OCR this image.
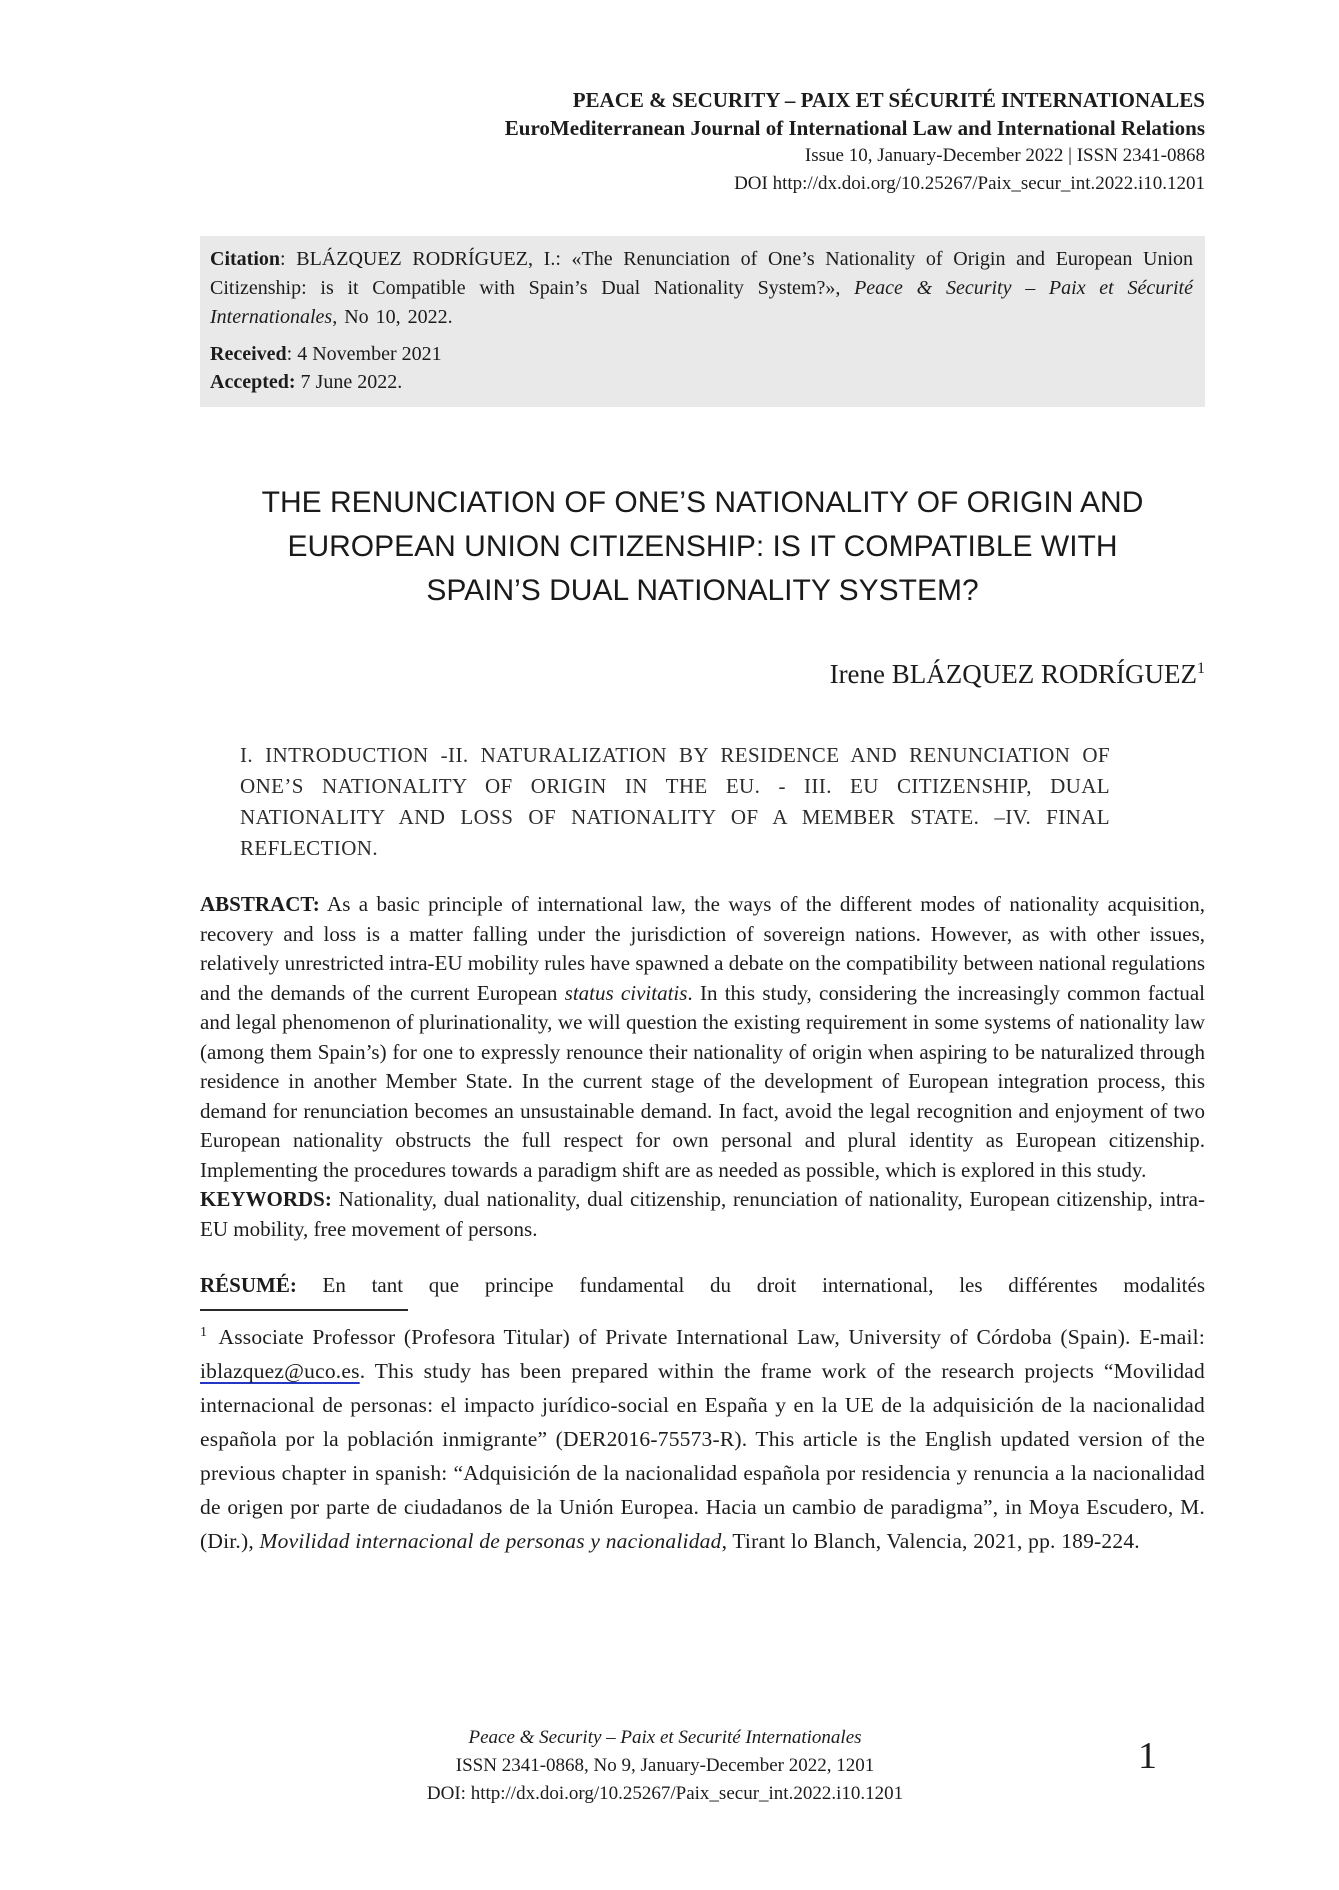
PEACE & SECURITY – PAIX ET SÉCURITÉ INTERNATIONALES
EuroMediterranean Journal of International Law and International Relations
Issue 10, January-December 2022 | ISSN 2341-0868
DOI http://dx.doi.org/10.25267/Paix_secur_int.2022.i10.1201

Citation: BLÁZQUEZ RODRÍGUEZ, I.: «The Renunciation of One’s Nationality of Origin and European Union Citizenship: is it Compatible with Spain’s Dual Nationality System?», Peace & Security – Paix et Sécurité Internationales, No 10, 2022.

Received: 4 November 2021

Accepted: 7 June 2022.

THE RENUNCIATION OF ONE’S NATIONALITY OF ORIGIN AND
EUROPEAN UNION CITIZENSHIP: IS IT COMPATIBLE WITH
SPAIN’S DUAL NATIONALITY SYSTEM?
Irene BLÁZQUEZ RODRÍGUEZ$^1$

I. INTRODUCTION -II. NATURALIZATION BY RESIDENCE AND RENUNCIATION OF ONE’S NATIONALITY OF ORIGIN IN THE EU. - III. EU CITIZENSHIP, DUAL NATIONALITY AND LOSS OF NATIONALITY OF A MEMBER STATE. –IV. FINAL REFLECTION.

ABSTRACT: As a basic principle of international law, the ways of the different modes of nationality acquisition, recovery and loss is a matter falling under the jurisdiction of sovereign nations. However, as with other issues, relatively unrestricted intra-EU mobility rules have spawned a debate on the compatibility between national regulations and the demands of the current European status civitatis. In this study, considering the increasingly common factual and legal phenomenon of plurinationality, we will question the existing requirement in some systems of nationality law (among them Spain’s) for one to expressly renounce their nationality of origin when aspiring to be naturalized through residence in another Member State. In the current stage of the development of European integration process, this demand for renunciation becomes an unsustainable demand. In fact, avoid the legal recognition and enjoyment of two European nationality obstructs the full respect for own personal and plural identity as European citizenship. Implementing the procedures towards a paradigm shift are as needed as possible, which is explored in this study.

KEYWORDS: Nationality, dual nationality, dual citizenship, renunciation of nationality, European citizenship, intra-EU mobility, free movement of persons.

RÉSUMÉ: En tant que principe fundamental du droit international, les différentes modalités

$^1$ Associate Professor (Profesora Titular) of Private International Law, University of Córdoba (Spain). E-mail: iblazquez@uco.es. This study has been prepared within the frame work of the research projects “Movilidad internacional de personas: el impacto jurídico-social en España y en la UE de la adquisición de la nacionalidad española por la población inmigrante” (DER2016-75573-R). This article is the English updated version of the previous chapter in spanish: “Adquisición de la nacionalidad española por residencia y renuncia a la nacionalidad de origen por parte de ciudadanos de la Unión Europea. Hacia un cambio de paradigma”, in Moya Escudero, M. (Dir.), Movilidad internacional de personas y nacionalidad, Tirant lo Blanch, Valencia, 2021, pp. 189-224.

Peace & Security – Paix et Securité Internationales
ISSN 2341-0868, No 9, January-December 2022, 1201
DOI: http://dx.doi.org/10.25267/Paix_secur_int.2022.i10.1201
1
